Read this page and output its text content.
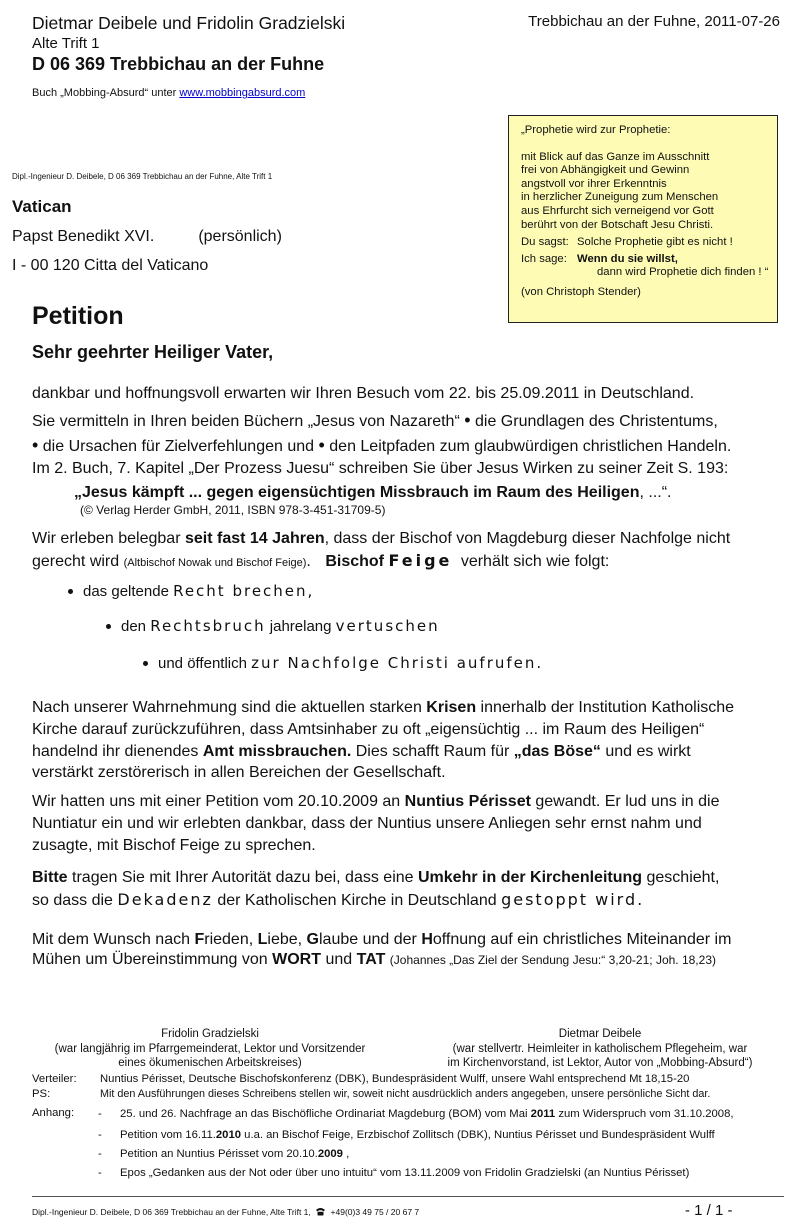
Dietmar Deibele und Fridolin Gradzielski
Alte Trift 1
D 06 369 Trebbichau an der Fuhne
Buch „Mobbing-Absurd“ unter www.mobbingabsurd.com
Trebbichau an der Fuhne, 2011-07-26
„Prophetie wird zur Prophetie:
mit Blick auf das Ganze im Ausschnitt
frei von Abhängigkeit und Gewinn
angstvoll vor ihrer Erkenntnis
in herzlicher Zuneigung zum Menschen
aus Ehrfurcht sich verneigend vor Gott
berührt von der Botschaft Jesu Christi.
Du sagst: Solche Prophetie gibt es nicht !
Ich sage: Wenn du sie willst,
dann wird Prophetie dich finden ! “
(von Christoph Stender)
Dipl.-Ingenieur D. Deibele, D 06 369 Trebbichau an der Fuhne, Alte Trift 1
Vatican
Papst Benedikt XVI.	(persönlich)
I - 00 120 Citta del Vaticano
Petition
Sehr geehrter Heiliger Vater,
dankbar und hoffnungsvoll erwarten wir Ihren Besuch vom 22. bis 25.09.2011 in Deutschland.
Sie vermitteln in Ihren beiden Büchern „Jesus von Nazareth“ • die Grundlagen des Christentums,
• die Ursachen für Zielverfehlungen und • den Leitpfaden zum glaubwürdigen christlichen Handeln.
Im 2. Buch, 7. Kapitel „Der Prozess Juesu“ schreiben Sie über Jesus Wirken zu seiner Zeit S. 193:
„Jesus kämpft ... gegen eigensüchtigen Missbrauch im Raum des Heiligen, ...“.
(© Verlag Herder GmbH, 2011, ISBN 978-3-451-31709-5)
Wir erleben belegbar seit fast 14 Jahren, dass der Bischof von Magdeburg dieser Nachfolge nicht
gerecht wird (Altbischof Nowak und Bischof Feige). Bischof Feige verhält sich wie folgt:
das geltende Recht brechen,
den Rechtsbruch jahrelang vertuschen
und öffentlich zur Nachfolge Christi aufrufen.
Nach unserer Wahrnehmung sind die aktuellen starken Krisen innerhalb der Institution Katholische
Kirche darauf zurückzuführen, dass Amtsinhaber zu oft „eigensüchtig ... im Raum des Heiligen“
handelnd ihr dienendes Amt missbrauchen. Dies schafft Raum für „das Böse“ und es wirkt
verstärkt zerstörerisch in allen Bereichen der Gesellschaft.
Wir hatten uns mit einer Petition vom 20.10.2009 an Nuntius Périsset gewandt. Er lud uns in die
Nuntiatur ein und wir erlebten dankbar, dass der Nuntius unsere Anliegen sehr ernst nahm und
zusagte, mit Bischof Feige zu sprechen.
Bitte tragen Sie mit Ihrer Autorität dazu bei, dass eine Umkehr in der Kirchenleitung geschieht,
so dass die Dekadenz der Katholischen Kirche in Deutschland gestoppt wird.
Mit dem Wunsch nach Frieden, Liebe, Glaube und der Hoffnung auf ein christliches Miteinander im
Mühen um Übereinstimmung von WORT und TAT (Johannes „Das Ziel der Sendung Jesu:“ 3,20-21; Joh. 18,23)
Fridolin Gradzielski
(war langjährig im Pfarrgemeinderat, Lektor und Vorsitzender
eines ökumenischen Arbeitskreises)
Dietmar Deibele
(war stellvertr. Heimleiter in katholischem Pflegeheim, war
im Kirchenvorstand, ist Lektor, Autor von „Mobbing-Absurd“)
Verteiler: Nuntius Périsset, Deutsche Bischofskonferenz (DBK), Bundespräsident Wulff, unsere Wahl entsprechend Mt 18,15-20
PS:	Mit den Ausführungen dieses Schreibens stellen wir, soweit nicht ausdrücklich anders angegeben, unsere persönliche Sicht dar.
Anhang: - 25. und 26. Nachfrage an das Bischöfliche Ordinariat Magdeburg (BOM) vom Mai 2011 zum Widerspruch vom 31.10.2008,
- Petition vom 16.11.2010 u.a. an Bischof Feige, Erzbischof Zollitsch (DBK), Nuntius Périsset und Bundespräsident Wulff
- Petition an Nuntius Périsset vom 20.10.2009 ,
- Epos „Gedanken aus der Not oder über uno intuitu“ vom 13.11.2009 von Fridolin Gradzielski (an Nuntius Périsset)
Dipl.-Ingenieur D. Deibele, D 06 369 Trebbichau an der Fuhne, Alte Trift 1, +49(0)3 49 75 / 20 67 7	- 1 / 1 -
